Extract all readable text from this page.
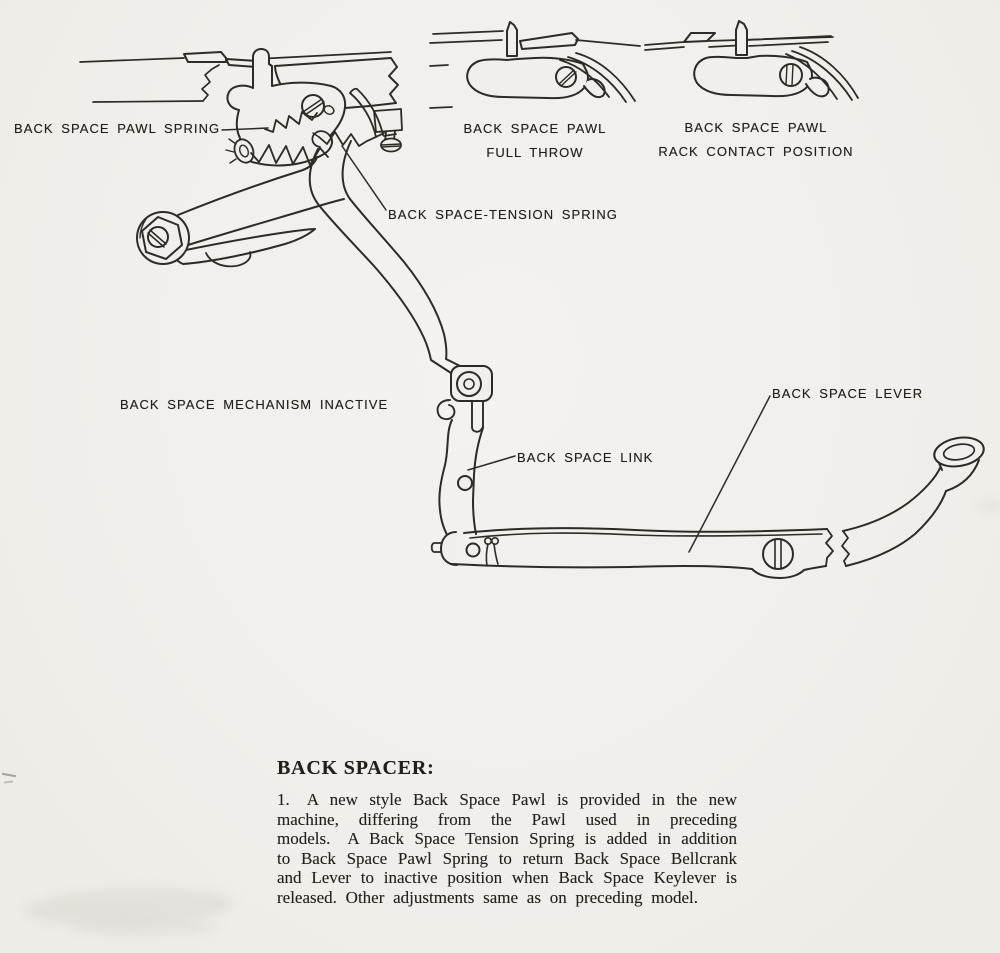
BACK SPACE PAWL SPRING	BACK SPACE PAWL
FULL THROW
BACK SPACE PAWL
RACK CONTACT POSITION
BACK SPACE-TENSION SPRING
BACK SPACE MECHANISM INACTIVE
BACK SPACE LINK
BACK SPACE LEVER
BACK SPACER:

1.  A new style Back Space Pawl is provided in the new machine, differing from the Pawl used in preceding models.  A Back Space Tension Spring is added in addition to Back Space Pawl Spring to return Back Space Bellcrank and Lever to inactive position when Back Space Keylever is released. Other adjustments same as on preceding model.
